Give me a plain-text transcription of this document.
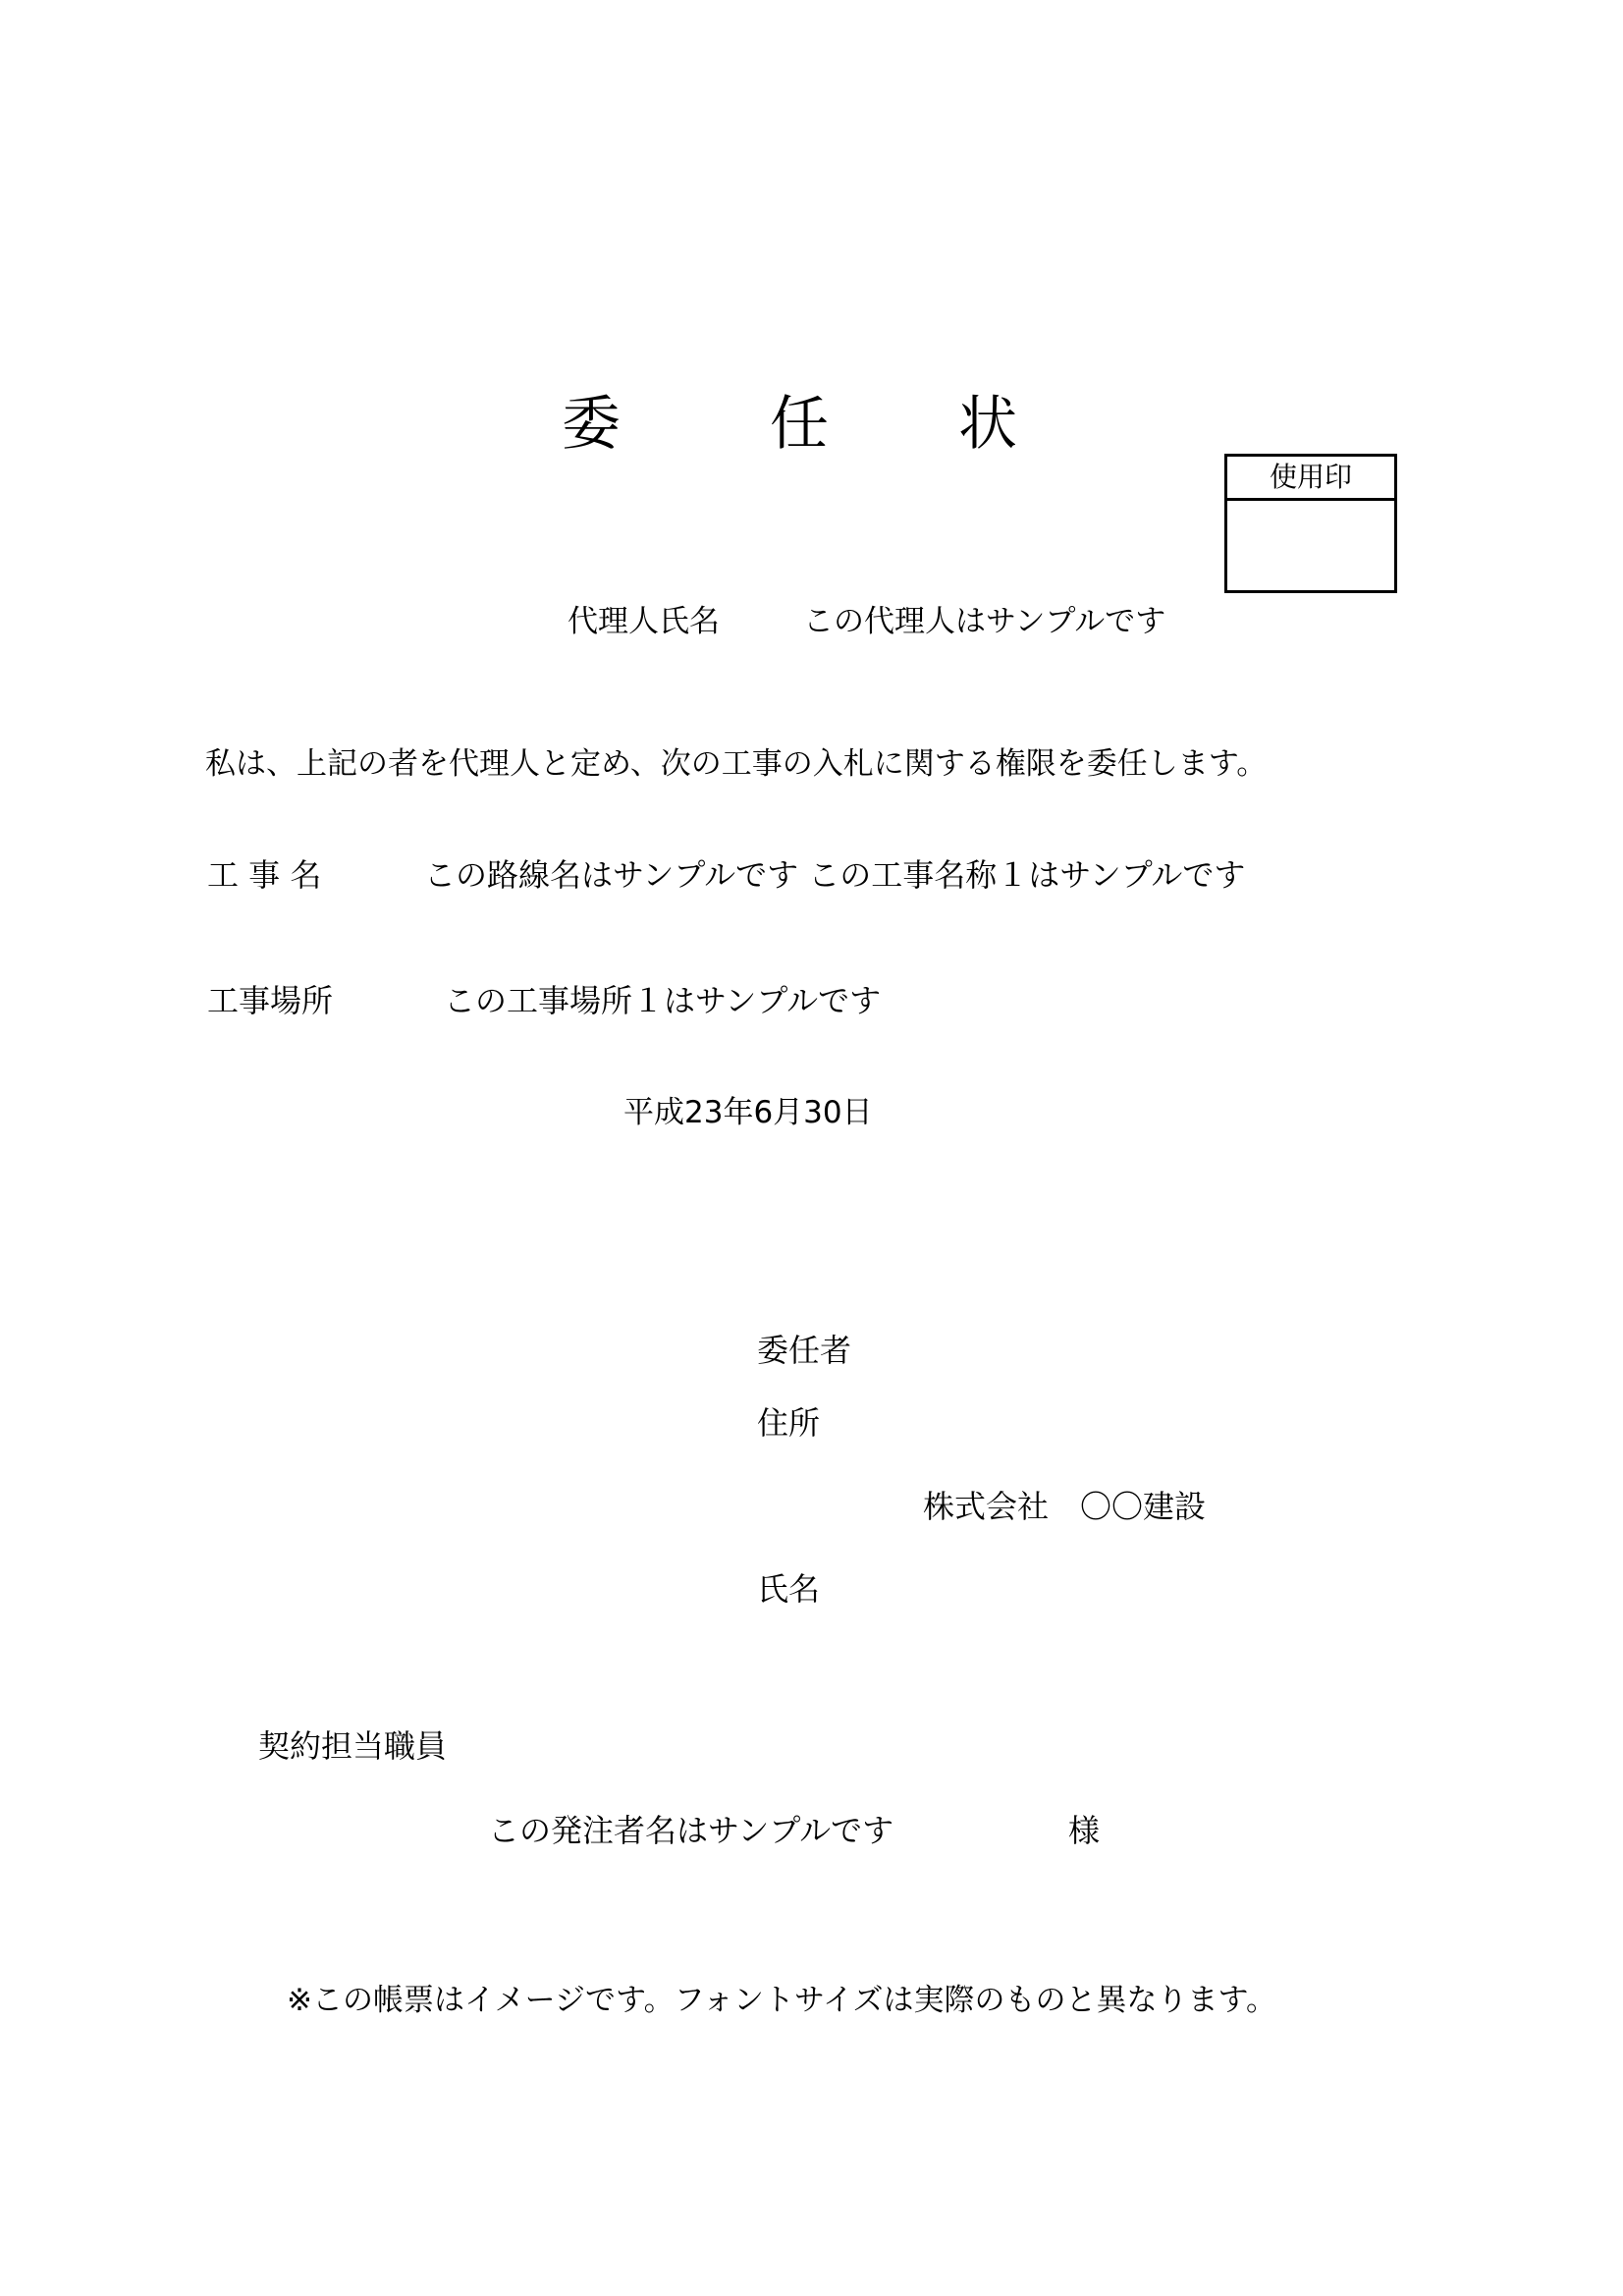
委	任 状
使用印
代理人氏名	この代理人はサンプルです
私は、上記の者を代理人と定め、次の工事の入札に関する権限を委任します。
工 事 名	この路線名はサンプルです この工事名称１はサンプルです
工事場所	この工事場所１はサンプルです
平成23年6月30日
委任者
住所
株式会社　〇〇建設
氏名
契約担当職員
この発注者名はサンプルです	様
※この帳票はイメージです。フォントサイズは実際のものと異なります。
